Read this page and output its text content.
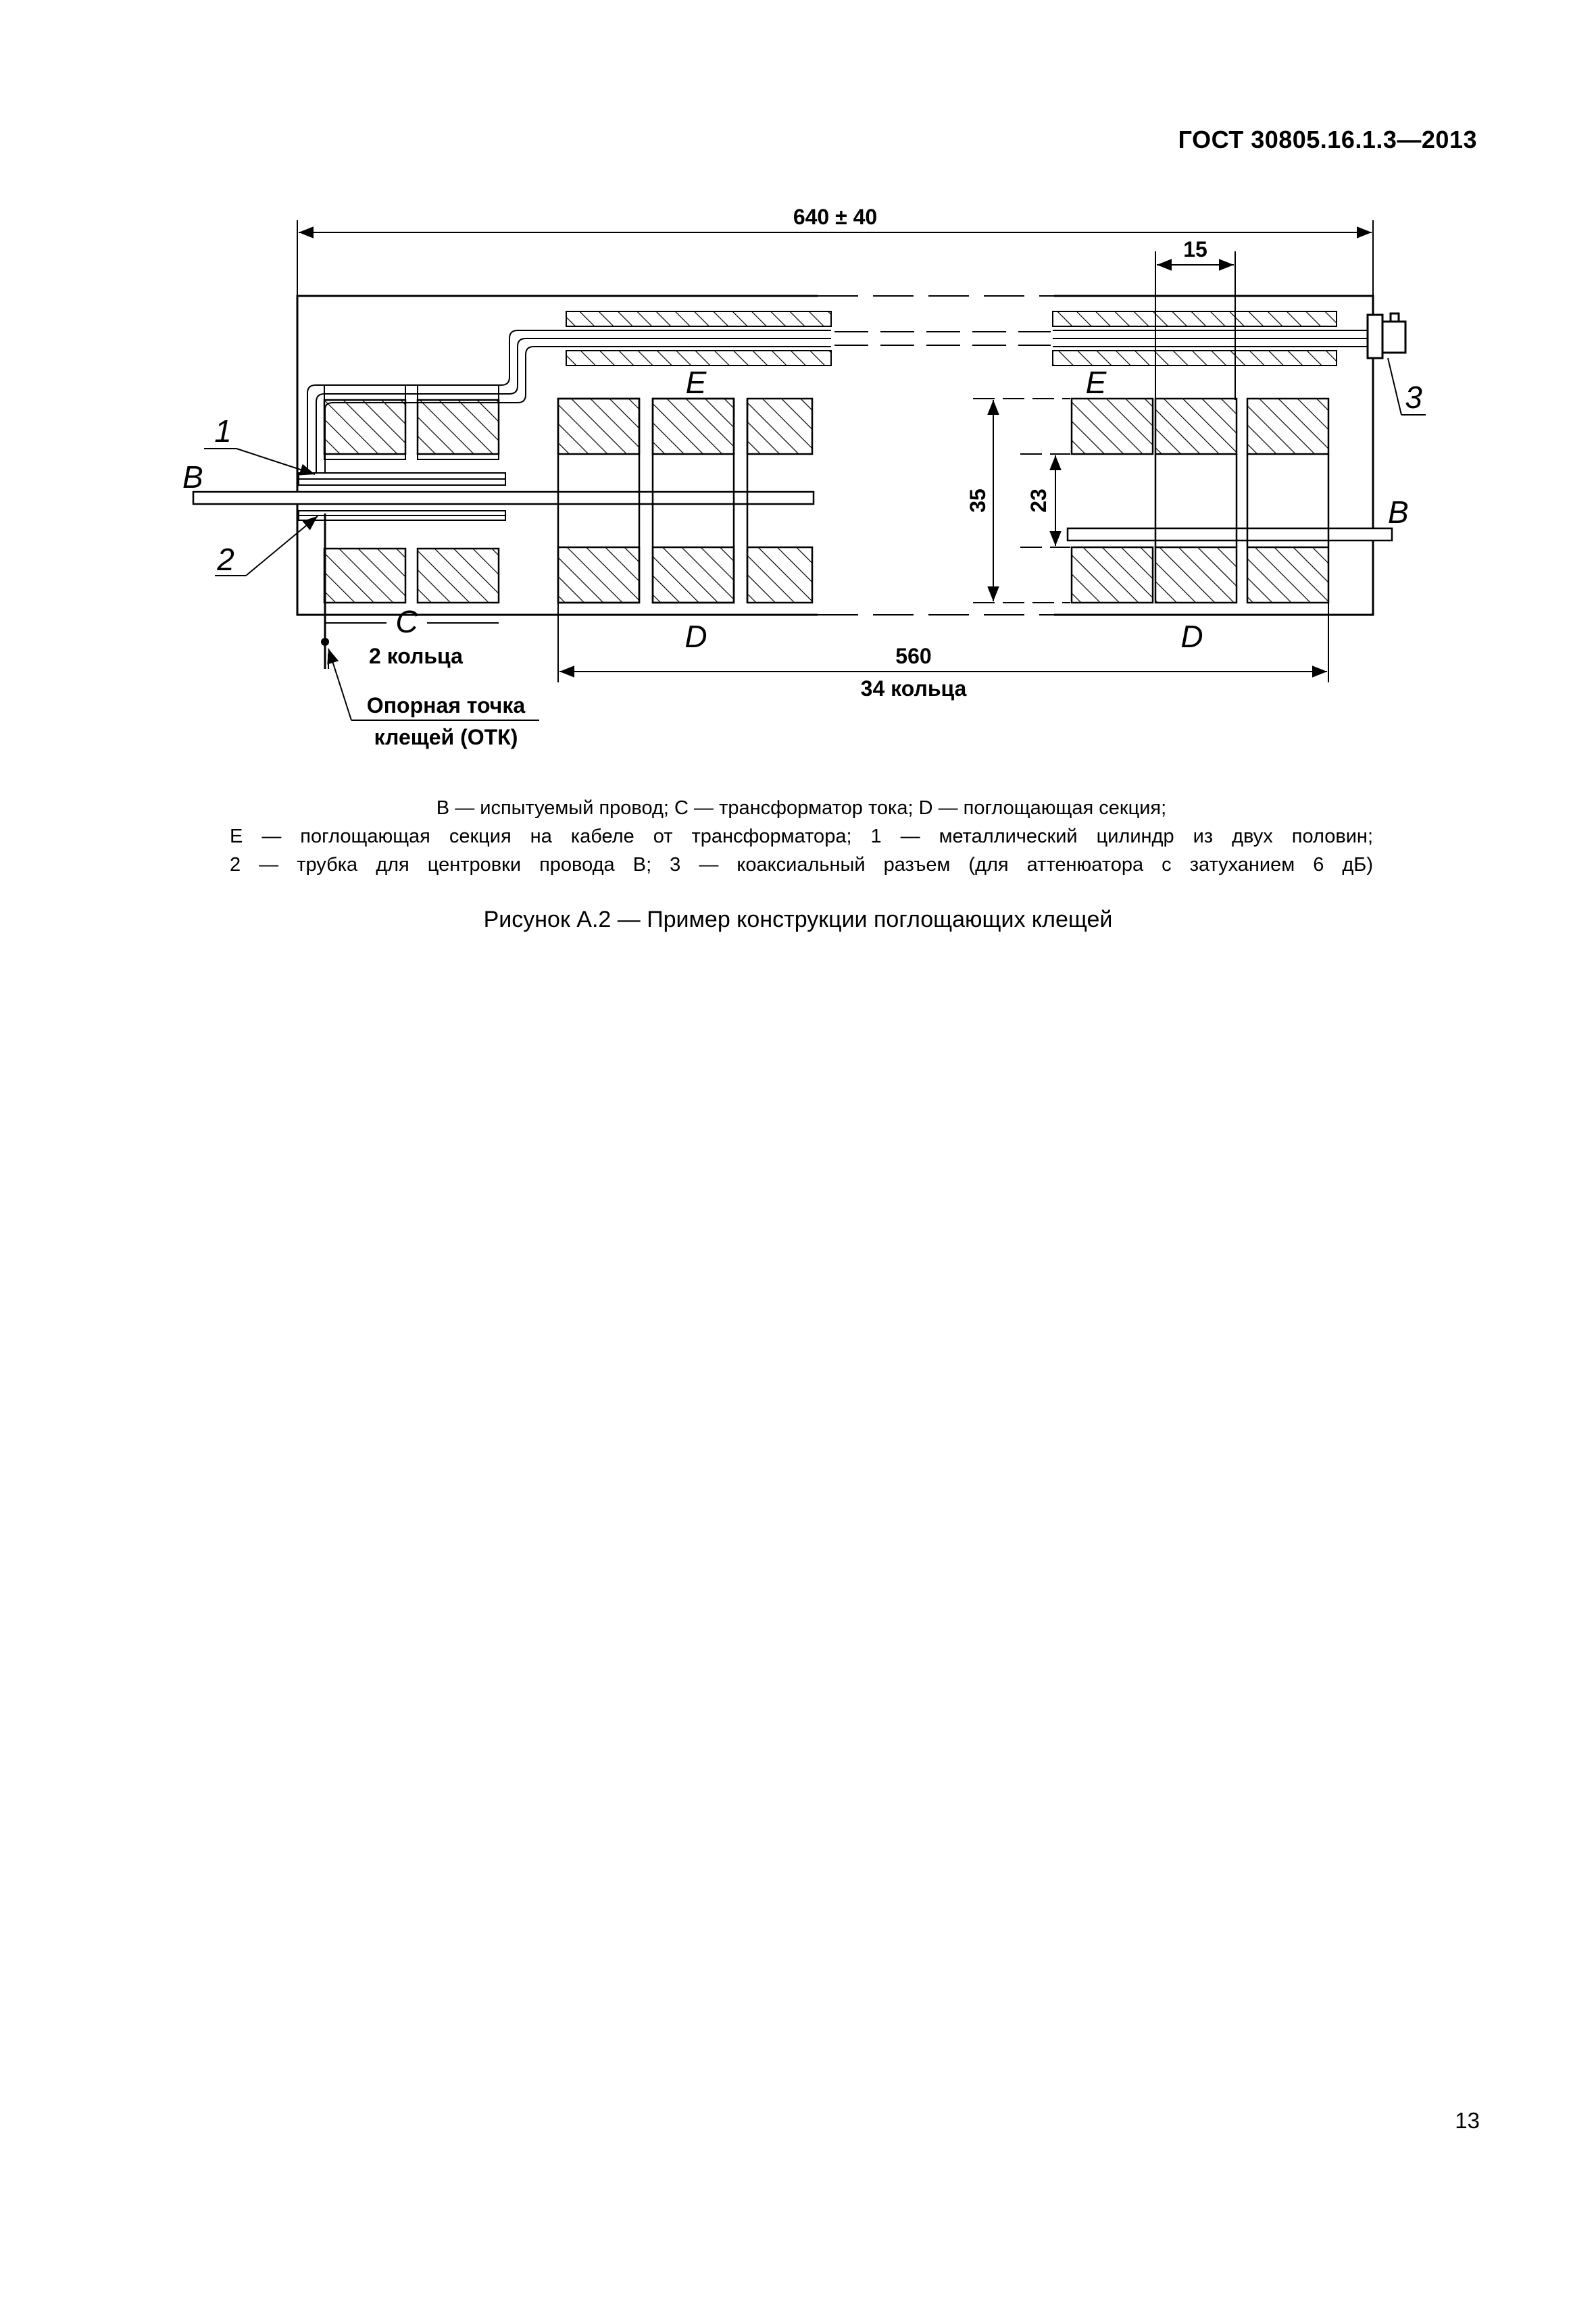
ГОСТ 30805.16.1.3—2013
640 ± 40
15
35 23
560
34 кольца
C
2 кольца
Опорная точка
клещей (ОТК)
1
2
3
B
B
E	E
D	D
B — испытуемый провод; C — трансформатор тока; D — поглощающая секция;
E — поглощающая секция на кабеле от трансформатора; 1 — металлический цилиндр из двух половин;
2 — трубка для центровки провода B; 3 — коаксиальный разъем (для аттенюатора с затуханием 6 дБ)
Рисунок А.2 — Пример конструкции поглощающих клещей
13
